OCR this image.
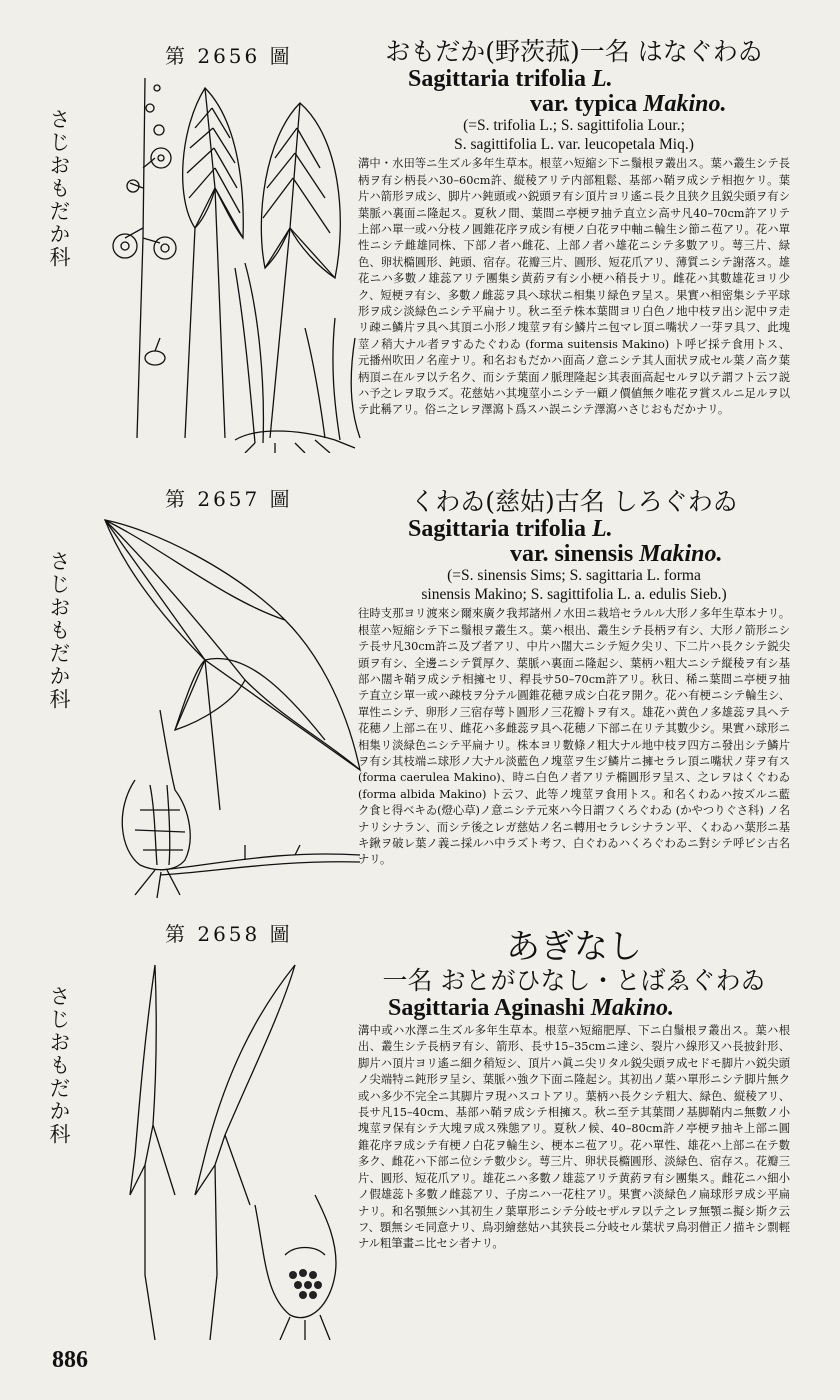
第 2656 圖
さじおもだか科
おもだか(野茨菰)一名 はなぐわゐ
Sagittaria trifolia L.
var. typica Makino.
(=S. trifolia L.; S. sagittifolia Lour.;
S. sagittifolia L. var. leucopetala Miq.)
溝中・水田等ニ生ズル多年生草本。根莖ハ短縮シ下ニ鬚根ヲ叢出ス。葉ハ叢生シテ長柄ヲ有シ柄長ハ30–60cm許、縦稜アリテ内部粗鬆、基部ハ鞘ヲ成シテ相抱ケリ。葉片ハ箭形ヲ成シ、脚片ハ鈍頭或ハ鋭頭ヲ有シ頂片ヨリ遙ニ長ク且狭ク且鋭尖頭ヲ有シ葉脈ハ裏面ニ隆起ス。夏秋ノ間、葉間ニ亭梗ヲ抽テ直立シ高サ凡40–70cm許アリテ上部ハ單一或ハ分枝ノ圓錐花序ヲ成シ有梗ノ白花ヲ中軸ニ輪生シ節ニ苞アリ。花ハ單性ニシテ雌雄同株、下部ノ者ハ雌花、上部ノ者ハ雄花ニシテ多數アリ。萼三片、緑色、卵状橢圓形、鈍頭、宿存。花瓣三片、圓形、短花爪アリ、薄質ニシテ謝落ス。雄花ニハ多數ノ雄蕊アリテ團集シ黄葯ヲ有シ小梗ハ稍長ナリ。雌花ハ其數雄花ヨリ少ク、短梗ヲ有シ、多數ノ雌蕊ヲ具ヘ球状ニ相集リ緑色ヲ呈ス。果實ハ相密集シテ平球形ヲ成シ淡緑色ニシテ平扁ナリ。秋ニ至テ株本葉間ヨリ白色ノ地中枝ヲ出シ泥中ヲ走リ疎ニ鱗片ヲ具ヘ其頂ニ小形ノ塊莖ヲ有シ鱗片ニ包マレ頂ニ嘴状ノ一芽ヲ具フ、此塊莖ノ稍大ナル者ヲすゐたぐわゐ (forma suitensis Makino) ト呼ビ採テ食用トス、元播州吹田ノ名産ナリ。和名おもだかハ面高ノ意ニシテ其人面状ヲ成セル葉ノ高ク葉柄頂ニ在ルヲ以テ名ク、而シテ葉面ノ脈理隆起シ其表面高起セルヲ以テ謂フト云フ説ハ予之レヲ取ラズ。花慈姑ハ其塊莖小ニシテ一顧ノ價値無ク唯花ヲ賞スルニ足ルヲ以テ此稱アリ。俗ニ之レヲ澤瀉ト爲スハ誤ニシテ澤瀉ハさじおもだかナリ。
第 2657 圖
さじおもだか科
くわゐ(慈姑)古名 しろぐわゐ
Sagittaria trifolia L.
var. sinensis Makino.
(=S. sinensis Sims; S. sagittaria L. forma
sinensis Makino; S. sagittifolia L. a. edulis Sieb.)
往時支那ヨリ渡來シ爾來廣ク我邦諸州ノ水田ニ栽培セラルル大形ノ多年生草本ナリ。根莖ハ短縮シテ下ニ鬚根ヲ叢生ス。葉ハ根出、叢生シテ長柄ヲ有シ、大形ノ箭形ニシテ長サ凡30cm許ニ及ブ者アリ、中片ハ闊大ニシテ短ク尖リ、下二片ハ長クシテ鋭尖頭ヲ有シ、全邊ニシテ質厚ク、葉脈ハ裏面ニ隆起シ、葉柄ハ粗大ニシテ縦稜ヲ有シ基部ハ闊キ鞘ヲ成シテ相擁セリ、稈長サ50–70cm許アリ。秋日、稀ニ葉間ニ亭梗ヲ抽テ直立シ單一或ハ疎枝ヲ分テル圓錐花穂ヲ成シ白花ヲ開ク。花ハ有梗ニシテ輪生シ、單性ニシテ、卵形ノ三宿存萼ト圓形ノ三花瓣トヲ有ス。雄花ハ黄色ノ多雄蕊ヲ具ヘテ花穂ノ上部ニ在リ、雌花ハ多雌蕊ヲ具ヘ花穂ノ下部ニ在リテ其數少シ。果實ハ球形ニ相集リ淡緑色ニシテ平扁ナリ。株本ヨリ數條ノ粗大ナル地中枝ヲ四方ニ發出シテ鱗片ヲ有シ其枝端ニ球形ノ大ナル淡藍色ノ塊莖ヲ生ジ鱗片ニ擁セラレ頂ニ嘴状ノ芽ヲ有ス (forma caerulea Makino)、時ニ白色ノ者アリテ橢圓形ヲ呈ス、之レヲはくぐわゐ (forma albida Makino) ト云フ、此等ノ塊莖ヲ食用トス。和名くわゐハ按ズルニ藍ク食ヒ得ベキゐ(燈心草)ノ意ニシテ元來ハ今日謂フくろぐわゐ (かやつりぐさ科) ノ名ナリシナラン、而シテ後之レガ慈姑ノ名ニ轉用セラレシナラン平、くわゐハ葉形ニ基キ鍬ヲ破レ葉ノ義ニ採ルハ中ラズト考フ、白ぐわゐハくろぐわゐニ對シテ呼ビシ古名ナリ。
第 2658 圖
さじおもだか科
あぎなし
一名 おとがひなし・とばゑぐわゐ
Sagittaria Aginashi Makino.
溝中或ハ水澤ニ生ズル多年生草本。根莖ハ短縮肥厚、下ニ白鬚根ヲ叢出ス。葉ハ根出、叢生シテ長柄ヲ有シ、箭形、長サ15–35cmニ達シ、裂片ハ線形又ハ長披針形、脚片ハ頂片ヨリ遙ニ細ク稍短シ、頂片ハ眞ニ尖リタル鋭尖頭ヲ成セドモ脚片ハ鋭尖頭ノ尖端特ニ鈍形ヲ呈シ、葉脈ハ強ク下面ニ隆起シ。其初出ノ葉ハ單形ニシテ脚片無ク或ハ多少不完全ニ其脚片ヲ現ハスコトアリ。葉柄ハ長クシテ粗大、緑色、縦稜アリ、長サ凡15–40cm、基部ハ鞘ヲ成シテ相擁ス。秋ニ至テ其葉間ノ基脚鞘内ニ無數ノ小塊莖ヲ保有シテ大塊ヲ成ス殊態アリ。夏秋ノ候、40–80cm許ノ亭梗ヲ抽キ上部ニ圓錐花序ヲ成シテ有梗ノ白花ヲ輪生シ、梗本ニ苞アリ。花ハ單性、雄花ハ上部ニ在テ數多ク、雌花ハ下部ニ位シテ數少シ。萼三片、卵状長橢圓形、淡緑色、宿存ス。花瓣三片、圓形、短花爪アリ。雄花ニハ多數ノ雄蕊アリテ黄葯ヲ有シ團集ス。雌花ニハ細小ノ假雄蕊ト多數ノ雌蕊アリ、子房ニハ一花柱アリ。果實ハ淡緑色ノ扁球形ヲ成シ平扁ナリ。和名顎無シハ其初生ノ葉單形ニシテ分岐セザルヲ以テ之レヲ無顎ニ擬シ斯ク云フ、顋無シモ同意ナリ、鳥羽繪慈姑ハ其狭長ニ分岐セル葉状ヲ鳥羽僧正ノ描キシ剽輕ナル粗筆畫ニ比セシ者ナリ。
886
